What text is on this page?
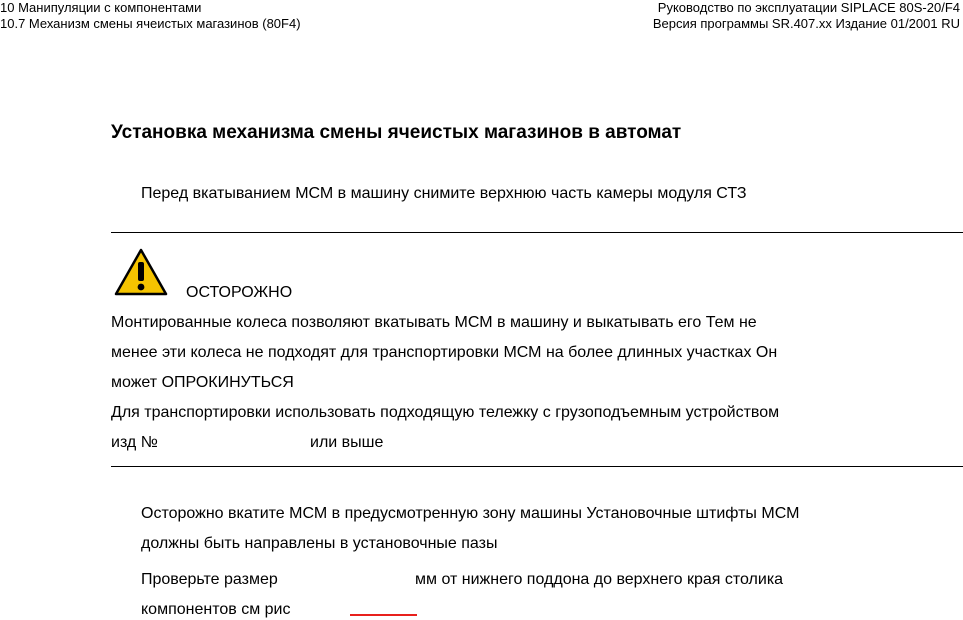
10 Манипуляции с компонентами
10.7 Механизм смены ячеистых магазинов (80F4)
Руководство по эксплуатации SIPLACE 80S-20/F4
Версия программы SR.407.xx Издание 01/2001 RU
Установка механизма смены ячеистых магазинов в автомат
Перед вкатыванием МСМ в машину снимите верхнюю часть камеры модуля СТЗ
ОСТОРОЖНО
Монтированные колеса позволяют вкатывать МСМ в машину и выкатывать его Тем не
менее эти колеса не подходят для транспортировки МСМ на более длинных участках Он
может ОПРОКИНУТЬСЯ
Для транспортировки использовать подходящую тележку с грузоподъемным устройством
изд №	или выше
Осторожно вкатите МСМ в предусмотренную зону машины Установочные штифты МСМ
должны быть направлены в установочные пазы
Проверьте размер	мм от нижнего поддона до верхнего края столика
компонентов см рис
